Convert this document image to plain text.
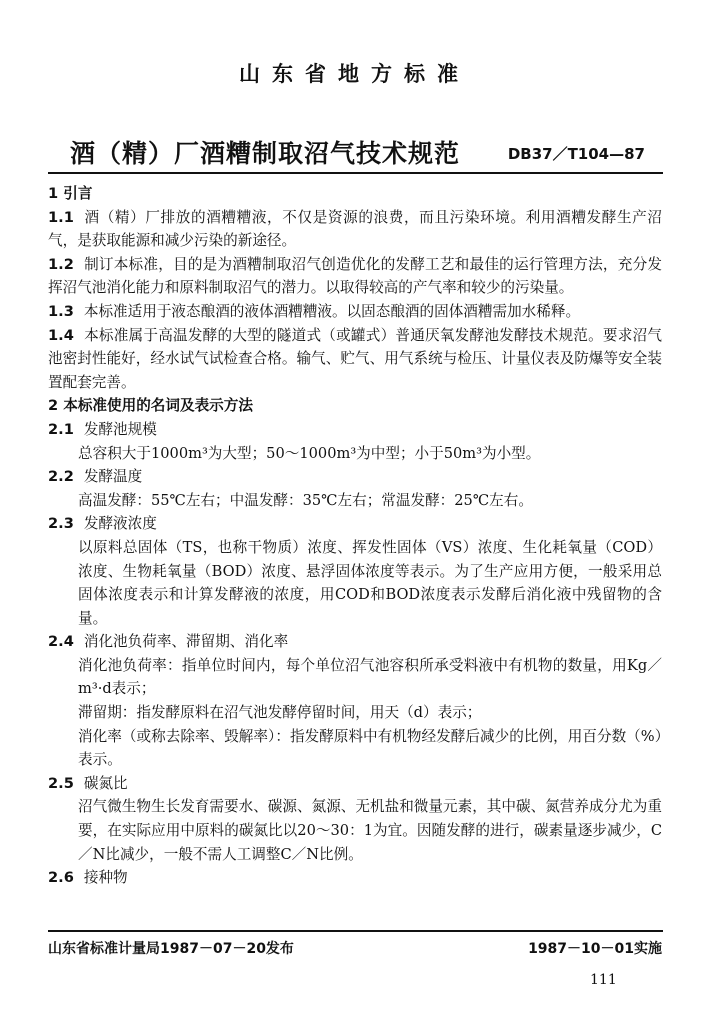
山东省地方标准
酒（精）厂酒糟制取沼气技术规范	DB37／T104—87

1 引言

1.1 酒（精）厂排放的酒糟糟液，不仅是资源的浪费，而且污染环境。利用酒糟发酵生产沼气，是获取能源和减少污染的新途径。

1.2 制订本标准，目的是为酒糟制取沼气创造优化的发酵工艺和最佳的运行管理方法，充分发挥沼气池消化能力和原料制取沼气的潜力。以取得较高的产气率和较少的污染量。

1.3 本标准适用于液态酿酒的液体酒糟糟液。以固态酿酒的固体酒糟需加水稀释。

1.4 本标准属于高温发酵的大型的隧道式（或罐式）普通厌氧发酵池发酵技术规范。要求沼气池密封性能好，经水试气试检查合格。输气、贮气、用气系统与检压、计量仪表及防爆等安全装置配套完善。

2 本标准使用的名词及表示方法

2.1 发酵池规模

总容积大于1000m³为大型；50～1000m³为中型；小于50m³为小型。

2.2 发酵温度

高温发酵：55℃左右；中温发酵：35℃左右；常温发酵：25℃左右。

2.3 发酵液浓度

以原料总固体（TS，也称干物质）浓度、挥发性固体（VS）浓度、生化耗氧量（COD）浓度、生物耗氧量（BOD）浓度、悬浮固体浓度等表示。为了生产应用方便，一般采用总固体浓度表示和计算发酵液的浓度，用COD和BOD浓度表示发酵后消化液中残留物的含量。

2.4 消化池负荷率、滞留期、消化率

消化池负荷率：指单位时间内，每个单位沼气池容积所承受料液中有机物的数量，用Kg／m³·d表示；

滞留期：指发酵原料在沼气池发酵停留时间，用天（d）表示；

消化率（或称去除率、毁解率）：指发酵原料中有机物经发酵后减少的比例，用百分数（%）表示。

2.5 碳氮比

沼气微生物生长发育需要水、碳源、氮源、无机盐和微量元素，其中碳、氮营养成分尤为重要，在实际应用中原料的碳氮比以20～30：1为宜。因随发酵的进行，碳素量逐步减少，C／N比减少，一般不需人工调整C／N比例。

2.6 接种物

山东省标准计量局1987－07－20发布	1987－10－01实施
111
